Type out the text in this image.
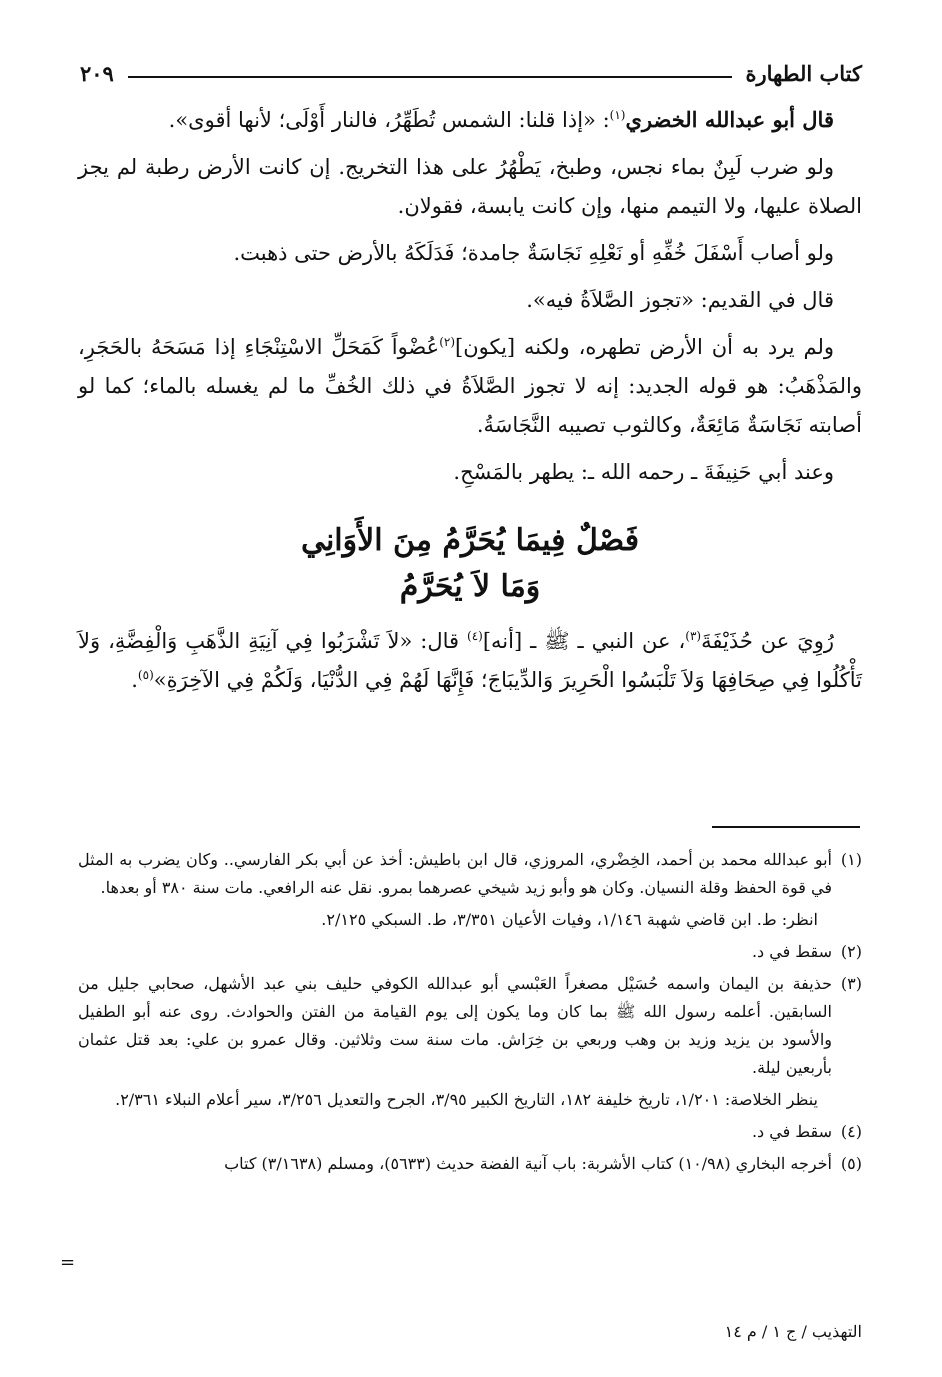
كتاب الطهارة
٢٠٩

قال أبو عبدالله الخضري$^{(١)}$: «إذا قلنا: الشمس تُطَهِّرُ، فالنار أَوْلَى؛ لأنها أقوى».

ولو ضرب لَبِنٌ بماء نجس، وطبخ، يَطْهُرُ على هذا التخريج. إن كانت الأرض رطبة لم يجز الصلاة عليها، ولا التيمم منها، وإن كانت يابسة، فقولان.

ولو أصاب أَسْفَلَ خُفِّهِ أو نَعْلِهِ نَجَاسَةٌ جامدة؛ فَدَلَكَهُ بالأرض حتى ذهبت.

قال في القديم: «تجوز الصَّلاَةُ فيه».

ولم يرد به أن الأرض تطهره، ولكنه [يكون]$^{(٢)}$عُضْواً كَمَحَلِّ الاسْتِنْجَاءِ إذا مَسَحَهُ بالحَجَرِ، والمَذْهَبُ: هو قوله الجديد: إنه لا تجوز الصَّلاَةُ في ذلك الخُفِّ ما لم يغسله بالماء؛ كما لو أصابته نَجَاسَةٌ مَائِعَةٌ، وكالثوب تصيبه النَّجَاسَةُ.

وعند أبي حَنِيفَةَ ـ رحمه الله ـ: يطهر بالمَسْحِ.

فَصْلٌ فِيمَا يُحَرَّمُ مِنَ الأَوَانِي
وَمَا لاَ يُحَرَّمُ

رُوِيَ عن حُذَيْفَةَ$^{(٣)}$، عن النبي ـ ﷺ ـ [أنه]$^{(٤)}$ قال: «لاَ تَشْرَبُوا فِي آنِيَةِ الذَّهَبِ وَالْفِضَّةِ، وَلاَ تَأْكُلُوا فِي صِحَافِهَا وَلاَ تَلْبَسُوا الْحَرِيرَ وَالدِّيبَاجَ؛ فَإِنَّهَا لَهُمْ فِي الدُّنْيَا، وَلَكُمْ فِي الآخِرَةِ»$^{(٥)}$.

(١)أبو عبدالله محمد بن أحمد، الخِضْري، المروزي، قال ابن باطيش: أخذ عن أبي بكر الفارسي.. وكان يضرب به المثل في قوة الحفظ وقلة النسيان. وكان هو وأبو زيد شيخي عصرهما بمرو. نقل عنه الرافعي. مات سنة ٣٨٠ أو بعدها.

انظر: ط. ابن قاضي شهبة ١/١٤٦، وفيات الأعيان ٣/٣٥١، ط. السبكي ٢/١٢٥.

(٢)سقط في د.

(٣)حذيفة بن اليمان واسمه حُسَيْل مصغراً العَبْسي أبو عبدالله الكوفي حليف بني عبد الأشهل، صحابي جليل من السابقين. أعلمه رسول الله ﷺ بما كان وما يكون إلى يوم القيامة من الفتن والحوادث. روى عنه أبو الطفيل والأسود بن يزيد وزيد بن وهب وربعي بن خِرَاش. مات سنة ست وثلاثين. وقال عمرو بن علي: بعد قتل عثمان بأربعين ليلة.

ينظر الخلاصة: ١/٢٠١، تاريخ خليفة ١٨٢، التاريخ الكبير ٣/٩٥، الجرح والتعديل ٣/٢٥٦، سير أعلام النبلاء ٢/٣٦١.

(٤)سقط في د.

(٥)أخرجه البخاري (١٠/٩٨) كتاب الأشربة: باب آنية الفضة حديث (٥٦٣٣)، ومسلم (٣/١٦٣٨) كتاب

=
التهذيب / ج ١ / م ١٤
